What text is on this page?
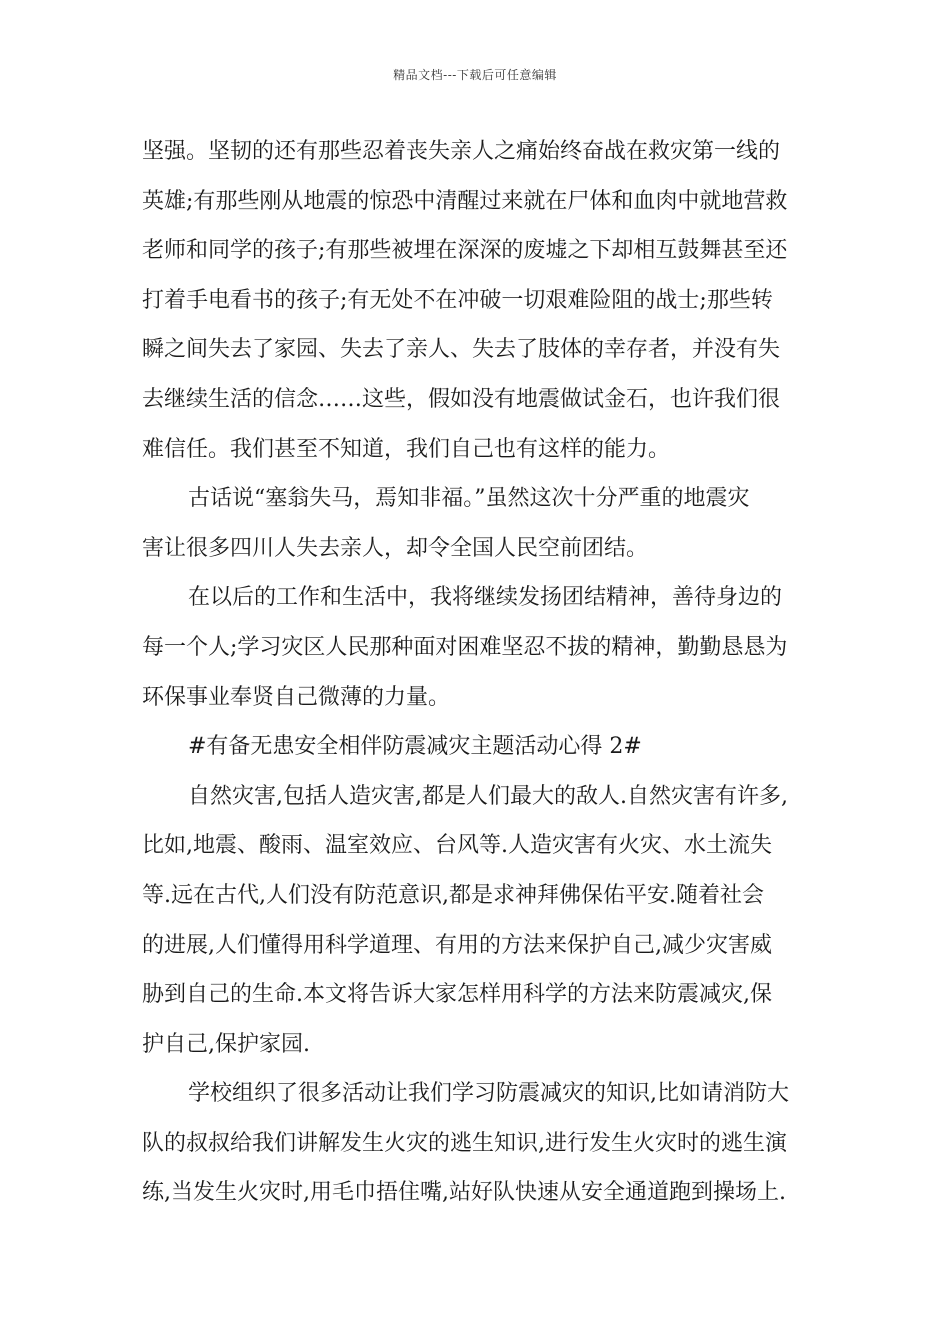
精品文档---下载后可任意编辑
坚强。坚韧的还有那些忍着丧失亲人之痛始终奋战在救灾第一线的
英雄;有那些刚从地震的惊恐中清醒过来就在尸体和血肉中就地营救
老师和同学的孩子;有那些被埋在深深的废墟之下却相互鼓舞甚至还
打着手电看书的孩子;有无处不在冲破一切艰难险阻的战士;那些转
瞬之间失去了家园、失去了亲人、失去了肢体的幸存者，并没有失
去继续生活的信念……这些，假如没有地震做试金石，也许我们很
难信任。我们甚至不知道，我们自己也有这样的能力。
古话说“塞翁失马，焉知非福。”虽然这次十分严重的地震灾
害让很多四川人失去亲人，却令全国人民空前团结。
在以后的工作和生活中，我将继续发扬团结精神，善待身边的
每一个人;学习灾区人民那种面对困难坚忍不拔的精神，勤勤恳恳为
环保事业奉贤自己微薄的力量。
#有备无患安全相伴防震减灾主题活动心得 2#
自然灾害,包括人造灾害,都是人们最大的敌人.自然灾害有许多,
比如,地震、酸雨、温室效应、台风等.人造灾害有火灾、水土流失
等.远在古代,人们没有防范意识,都是求神拜佛保佑平安.随着社会
的进展,人们懂得用科学道理、有用的方法来保护自己,减少灾害威
胁到自己的生命.本文将告诉大家怎样用科学的方法来防震减灾,保
护自己,保护家园.
学校组织了很多活动让我们学习防震减灾的知识,比如请消防大
队的叔叔给我们讲解发生火灾的逃生知识,进行发生火灾时的逃生演
练,当发生火灾时,用毛巾捂住嘴,站好队快速从安全通道跑到操场上.
